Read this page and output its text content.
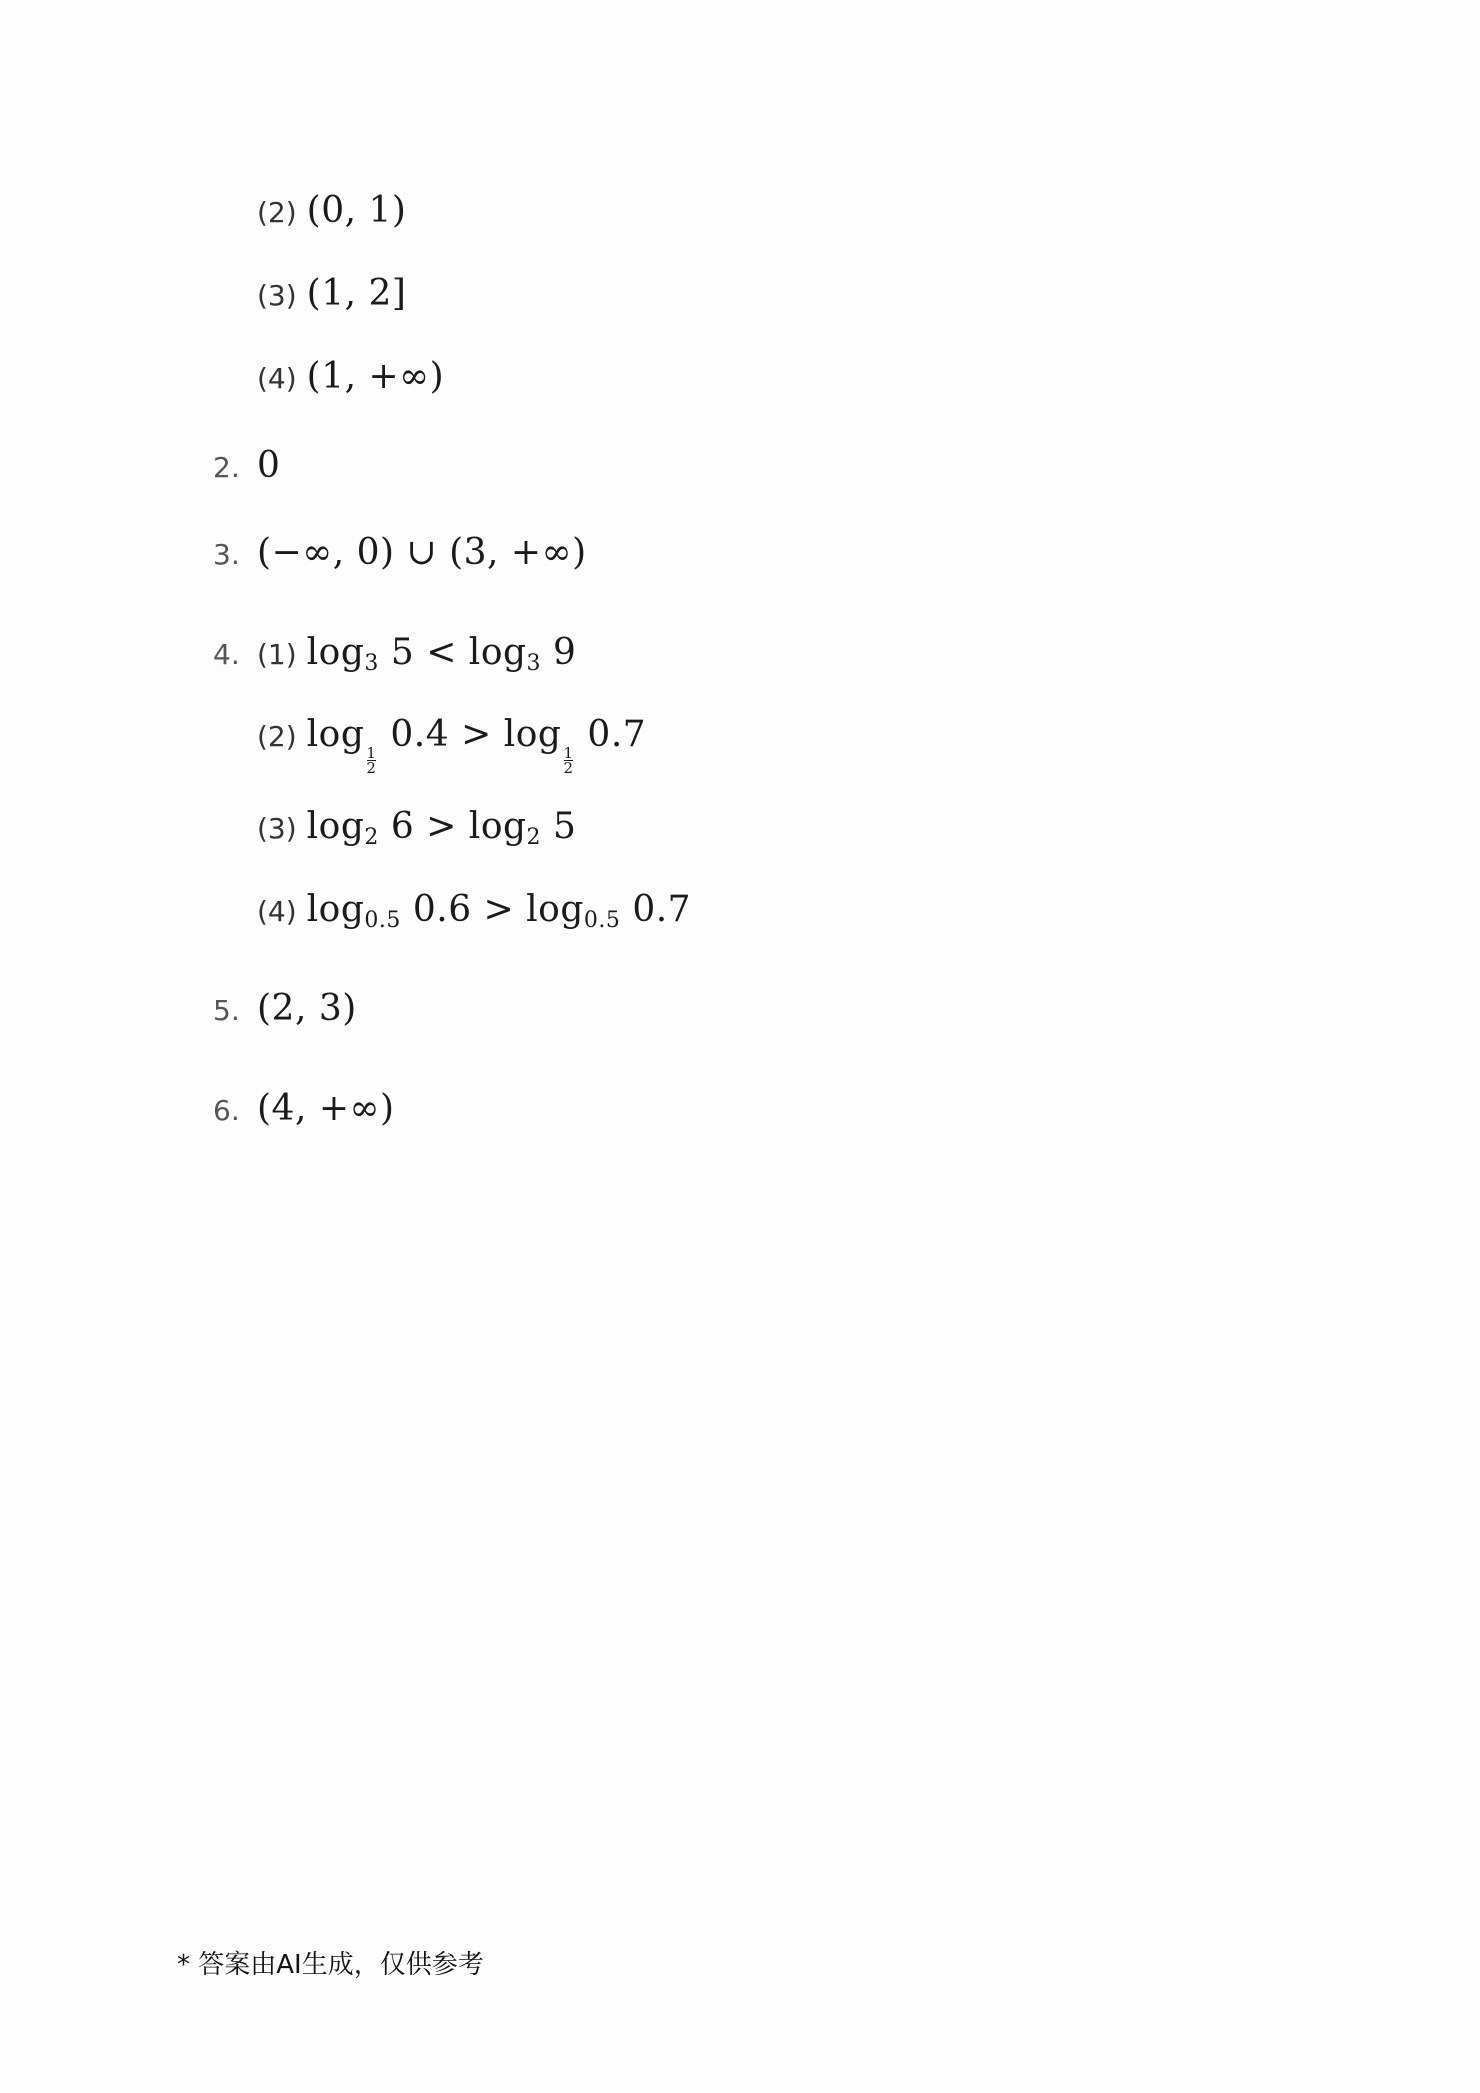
(2) (0, 1)
(3) (1, 2]
(4) (1, +∞)
2. 0
3. (−∞, 0) ∪ (3, +∞)
4. (1) $\log_3 5 < \log_3 9$
(2) log
$\frac{1}{2}$
0.4 > log
$\frac{1}{2}$
0.7
(3) $\log_2 6 > \log_2 5$
(4) $\log_{0.5} 0.6 > \log_{0.5} 0.7$
5. (2, 3)
6. (4, +∞)
* 答案由AI生成，仅供参考
